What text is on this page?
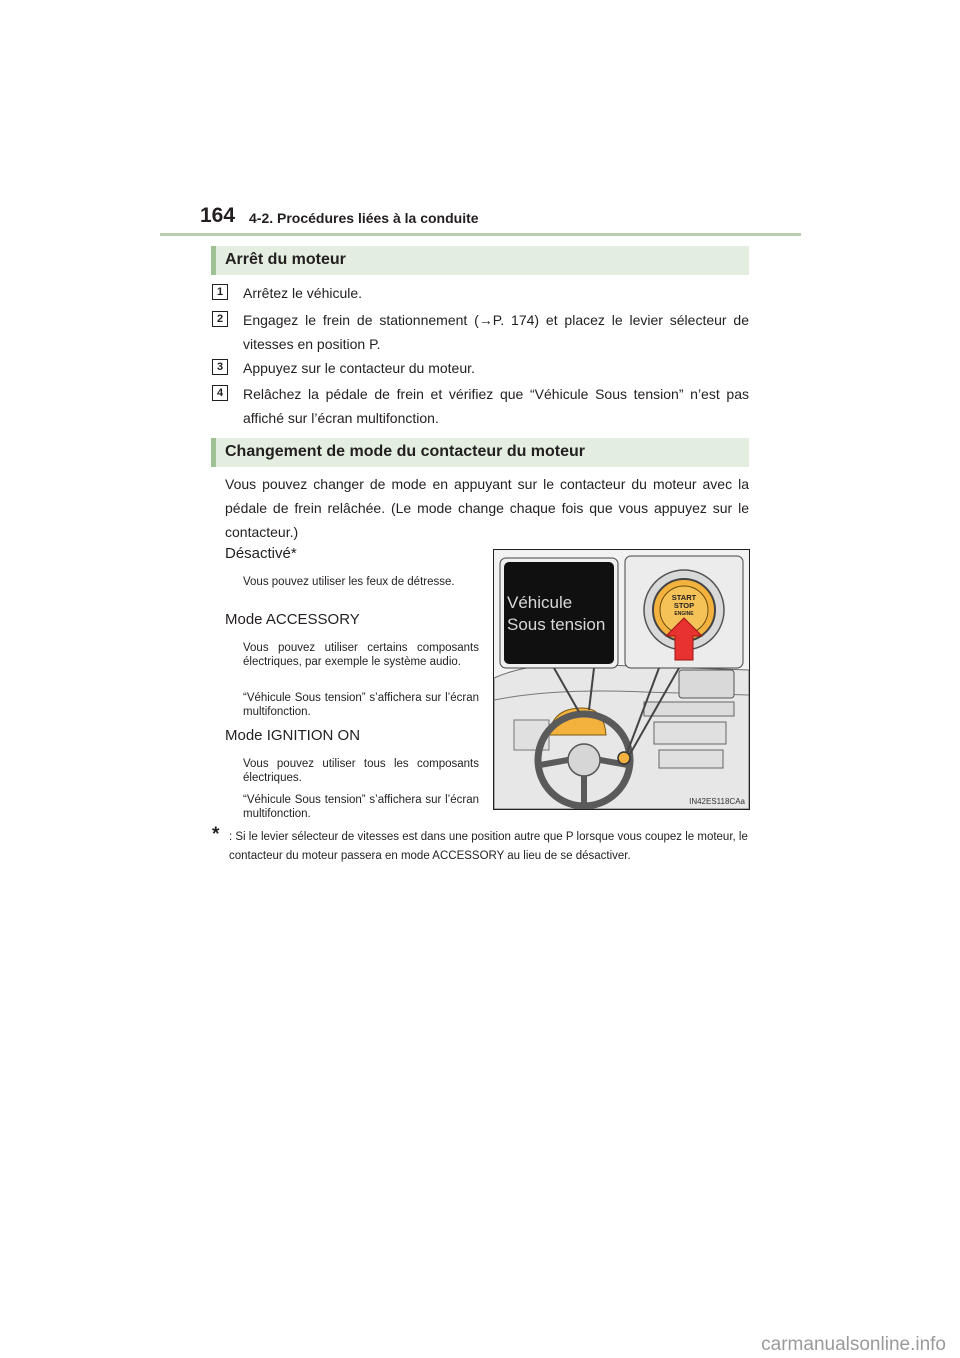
164 4-2. Procédures liées à la conduite
Arrêt du moteur
1	Arrêtez le véhicule.
2	Engagez le frein de stationnement (→P. 174) et placez le levier sélecteur de vitesses en position P.
3	Appuyez sur le contacteur du moteur.
4	Relâchez la pédale de frein et vérifiez que “Véhicule Sous tension” n’est pas affiché sur l’écran multifonction.
Changement de mode du contacteur du moteur
Vous pouvez changer de mode en appuyant sur le contacteur du moteur avec la pédale de frein relâchée. (Le mode change chaque fois que vous appuyez sur le contacteur.)
Désactivé*
Vous pouvez utiliser les feux de détresse.
Mode ACCESSORY
Vous pouvez utiliser certains composants électriques, par exemple le système audio.
“Véhicule Sous tension” s’affichera sur l’écran multifonction.
Mode IGNITION ON
Vous pouvez utiliser tous les composants électriques.
“Véhicule Sous tension” s’affichera sur l’écran multifonction.
* : Si le levier sélecteur de vitesses est dans une position autre que P lorsque vous coupez le moteur, le contacteur du moteur passera en mode ACCESSORY au lieu de se désactiver.
Véhicule
Sous tension
START
STOP
ENGINE
IN42ES118CAa
carmanualsonline.info
